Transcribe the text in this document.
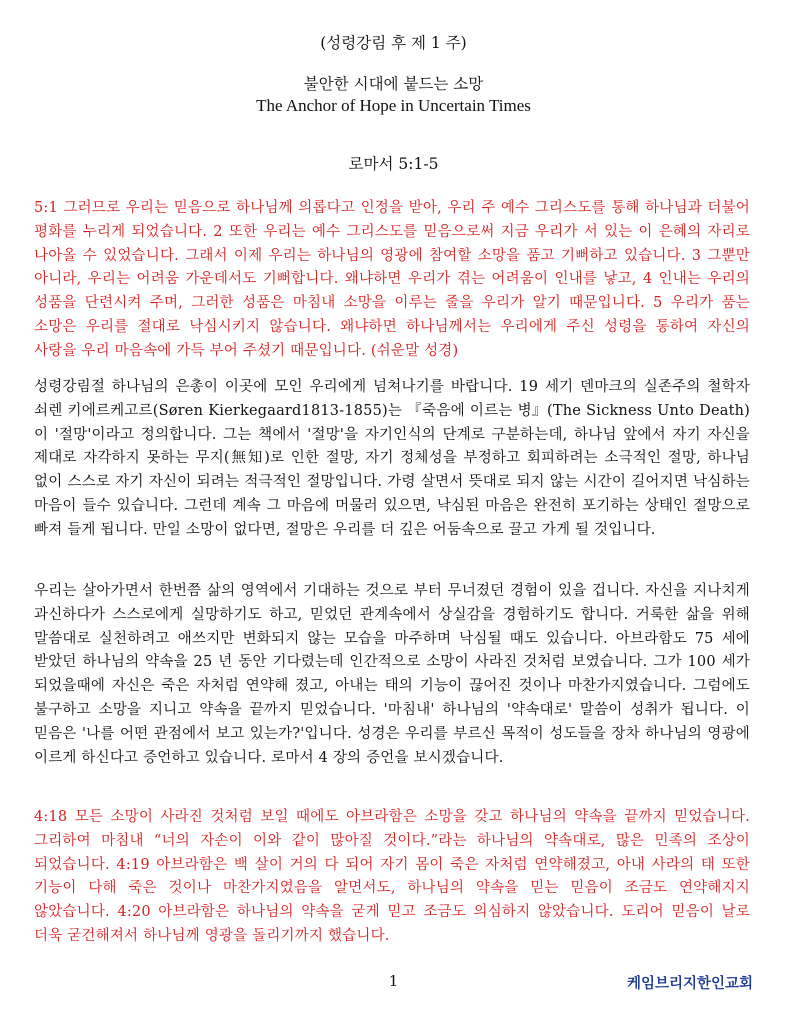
(성령강림 후 제 1 주)
불안한 시대에 붙드는 소망
The Anchor of Hope in Uncertain Times
로마서 5:1-5
5:1 그러므로 우리는 믿음으로 하나님께 의롭다고 인정을 받아, 우리 주 예수 그리스도를 통해 하나님과 더불어 평화를 누리게 되었습니다. 2 또한 우리는 예수 그리스도를 믿음으로써 지금 우리가 서 있는 이 은혜의 자리로 나아올 수 있었습니다. 그래서 이제 우리는 하나님의 영광에 참여할 소망을 품고 기뻐하고 있습니다. 3 그뿐만 아니라, 우리는 어려움 가운데서도 기뻐합니다. 왜냐하면 우리가 겪는 어려움이 인내를 낳고, 4 인내는 우리의 성품을 단련시켜 주며, 그러한 성품은 마침내 소망을 이루는 줄을 우리가 알기 때문입니다. 5 우리가 품는 소망은 우리를 절대로 낙심시키지 않습니다. 왜냐하면 하나님께서는 우리에게 주신 성령을 통하여 자신의 사랑을 우리 마음속에 가득 부어 주셨기 때문입니다. (쉬운말 성경)
성령강림절 하나님의 은총이 이곳에 모인 우리에게 넘쳐나기를 바랍니다. 19 세기 덴마크의 실존주의 철학자 쇠렌 키에르케고르(Søren Kierkegaard1813-1855)는 『죽음에 이르는 병』(The Sickness Unto Death)이 '절망'이라고 정의합니다. 그는 책에서 '절망'을 자기인식의 단계로 구분하는데, 하나님 앞에서 자기 자신을 제대로 자각하지 못하는 무지(無知)로 인한 절망, 자기 정체성을 부정하고 회피하려는 소극적인 절망, 하나님 없이 스스로 자기 자신이 되려는 적극적인 절망입니다. 가령 살면서 뜻대로 되지 않는 시간이 길어지면 낙심하는 마음이 들수 있습니다. 그런데 계속 그 마음에 머물러 있으면, 낙심된 마음은 완전히 포기하는 상태인 절망으로 빠져 들게 됩니다. 만일 소망이 없다면, 절망은 우리를 더 깊은 어둠속으로 끌고 가게 될 것입니다.
우리는 살아가면서 한번쯤 삶의 영역에서 기대하는 것으로 부터 무너졌던 경험이 있을 겁니다. 자신을 지나치게 과신하다가 스스로에게 실망하기도 하고, 믿었던 관계속에서 상실감을 경험하기도 합니다. 거룩한 삶을 위해 말씀대로 실천하려고 애쓰지만 변화되지 않는 모습을 마주하며 낙심될 때도 있습니다. 아브라함도 75 세에 받았던 하나님의 약속을 25 년 동안 기다렸는데 인간적으로 소망이 사라진 것처럼 보였습니다. 그가 100 세가 되었을때에 자신은 죽은 자처럼 연약해 졌고, 아내는 태의 기능이 끊어진 것이나 마찬가지였습니다. 그럼에도 불구하고 소망을 지니고 약속을 끝까지 믿었습니다. '마침내' 하나님의 '약속대로' 말씀이 성취가 됩니다. 이 믿음은 '나를 어떤 관점에서 보고 있는가?'입니다. 성경은 우리를 부르신 목적이 성도들을 장차 하나님의 영광에 이르게 하신다고 증언하고 있습니다. 로마서 4 장의 증언을 보시겠습니다.
4:18 모든 소망이 사라진 것처럼 보일 때에도 아브라함은 소망을 갖고 하나님의 약속을 끝까지 믿었습니다. 그리하여 마침내 “너의 자손이 이와 같이 많아질 것이다.”라는 하나님의 약속대로, 많은 민족의 조상이 되었습니다. 4:19 아브라함은 백 살이 거의 다 되어 자기 몸이 죽은 자처럼 연약해졌고, 아내 사라의 태 또한 기능이 다해 죽은 것이나 마찬가지였음을 알면서도, 하나님의 약속을 믿는 믿음이 조금도 연약해지지 않았습니다. 4:20 아브라함은 하나님의 약속을 굳게 믿고 조금도 의심하지 않았습니다. 도리어 믿음이 날로 더욱 굳건해져서 하나님께 영광을 돌리기까지 했습니다.
1	케임브리지한인교회
